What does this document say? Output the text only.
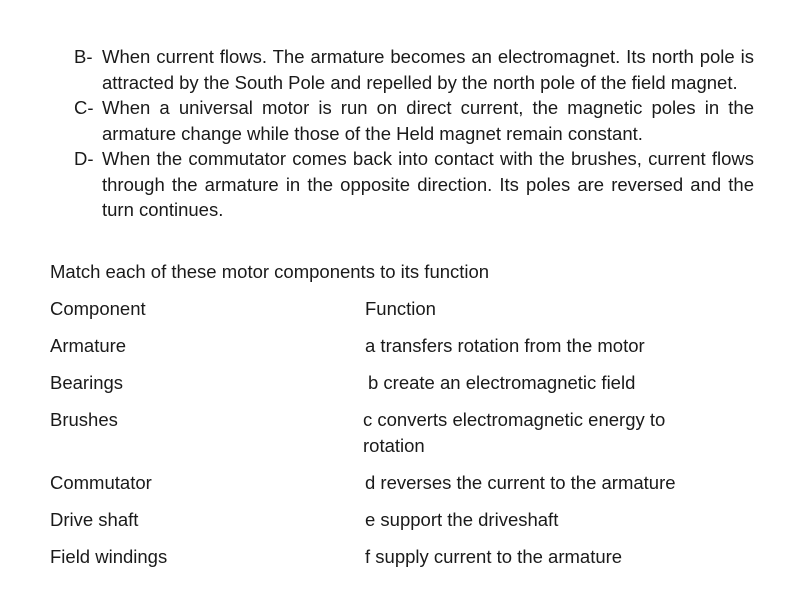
B- When current flows. The armature becomes an electromagnet. Its north pole is attracted by the South Pole and repelled by the north pole of the field magnet.
C- When a universal motor is run on direct current, the magnetic poles in the armature change while those of the Held magnet remain constant.
D- When the commutator comes back into contact with the brushes, current flows through the armature in the opposite direction. Its poles are reversed and the turn continues.
Match each of these motor components to its function
Component	Function
Armature	a transfers rotation from the motor
Bearings	b create an electromagnetic field
Brushes	c converts electromagnetic energy to rotation
Commutator	d reverses the current to the armature
Drive shaft	e support the driveshaft
Field windings	f supply current to the armature
